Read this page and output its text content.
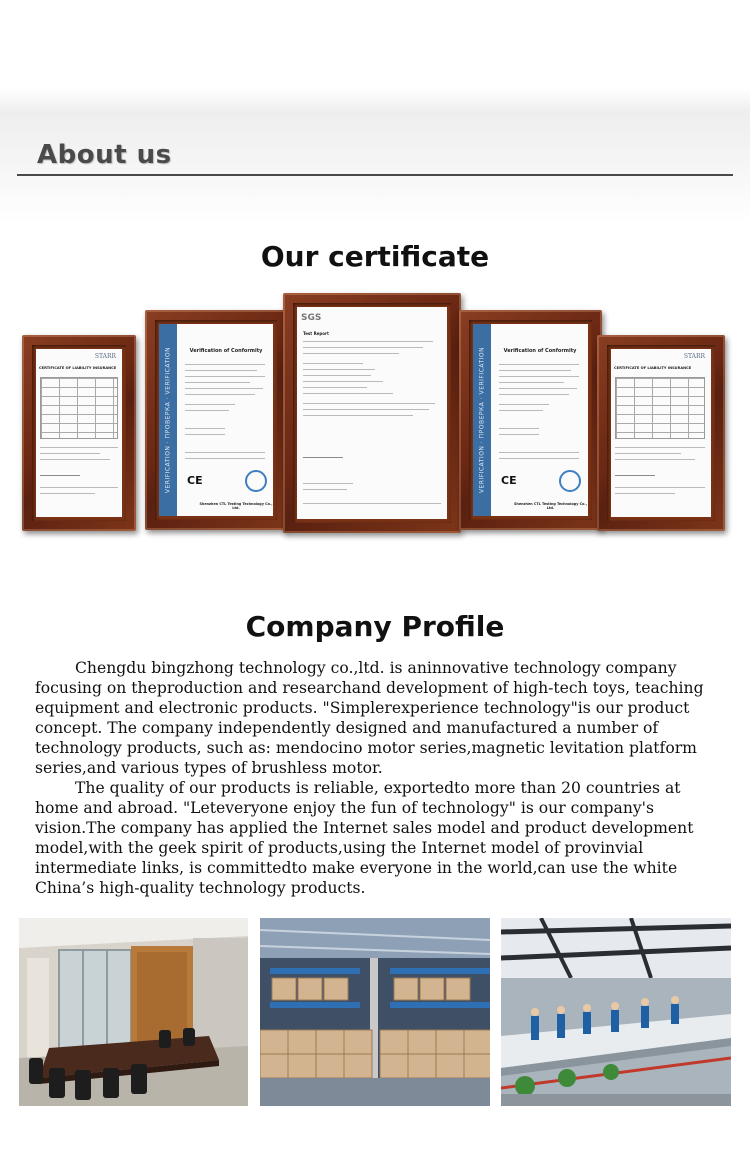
About us
Our certificate
STARR
CERTIFICATE OF LIABILITY INSURANCE	VERIFICATION · ПРОВЕРКА · VERIFICATION	Verification of Conformity
CE
Shenzhen CTL Testing Technology Co., Ltd.
SGS
Test Report
VERIFICATION · ПРОВЕРКА · VERIFICATION	Verification of Conformity
CE
Shenzhen CTL Testing Technology Co., Ltd.
STARR
CERTIFICATE OF LIABILITY INSURANCE
Company Profile

Chengdu bingzhong technology co.,ltd. is aninnovative technology company focusing on theproduction and researchand development of high-tech toys, teaching equipment and electronic products. "Simplerexperience technology"is our product concept. The company independently designed and manufactured a number of technology products, such as: mendocino motor series,magnetic levitation platform series,and various types of brushless motor.

The quality of our products is reliable, exportedto more than 20 countries at home and abroad. "Leteveryone enjoy the fun of technology" is our company's vision.The company has applied the Internet sales model and product development model,with the geek spirit of products,using the Internet model of provinvial intermediate links, is committedto make everyone in the world,can use the white China’s high-quality technology products.
